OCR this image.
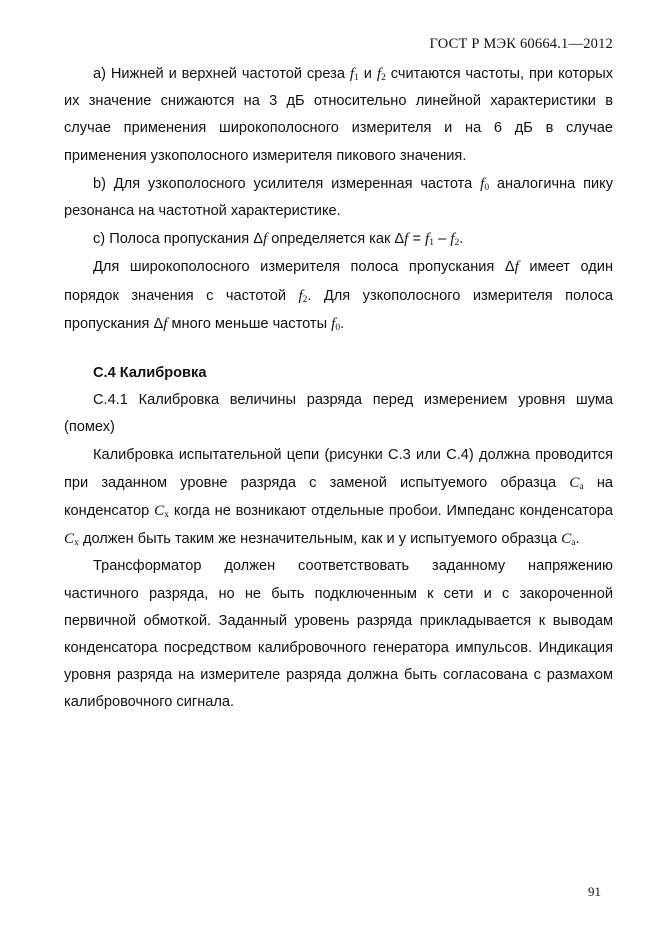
ГОСТ Р МЭК 60664.1—2012

а) Нижней и верхней частотой среза $f_1$ и $f_2$ считаются частоты, при которых их значение снижаются на 3 дБ относительно линейной характеристики в случае применения широкополосного измерителя и на 6 дБ в случае применения узкополосного измерителя пикового значения.

b) Для узкополосного усилителя измеренная частота $f_0$ аналогична пику резонанса на частотной характеристике.

c) Полоса пропускания Δf определяется как $\Delta f = f_1 - f_2$.

Для широкополосного измерителя полоса пропускания Δf имеет один порядок значения с частотой $f_2$. Для узкополосного измерителя полоса пропускания Δf много меньше частоты $f_0$.

С.4 Калибровка

С.4.1 Калибровка величины разряда перед измерением уровня шума (помех)

Калибровка испытательной цепи (рисунки С.3 или С.4) должна проводится при заданном уровне разряда с заменой испытуемого образца $C_a$ на конденсатор $C_x$ когда не возникают отдельные пробои. Импеданс конденсатора $C_x$ должен быть таким же незначительным, как и у испытуемого образца $C_a$.

Трансформатор должен соответствовать заданному напряжению частичного разряда, но не быть подключенным к сети и с закороченной первичной обмоткой. Заданный уровень разряда прикладывается к выводам конденсатора посредством калибровочного генератора импульсов. Индикация уровня разряда на измерителе разряда должна быть согласована с размахом калибровочного сигнала.

91
